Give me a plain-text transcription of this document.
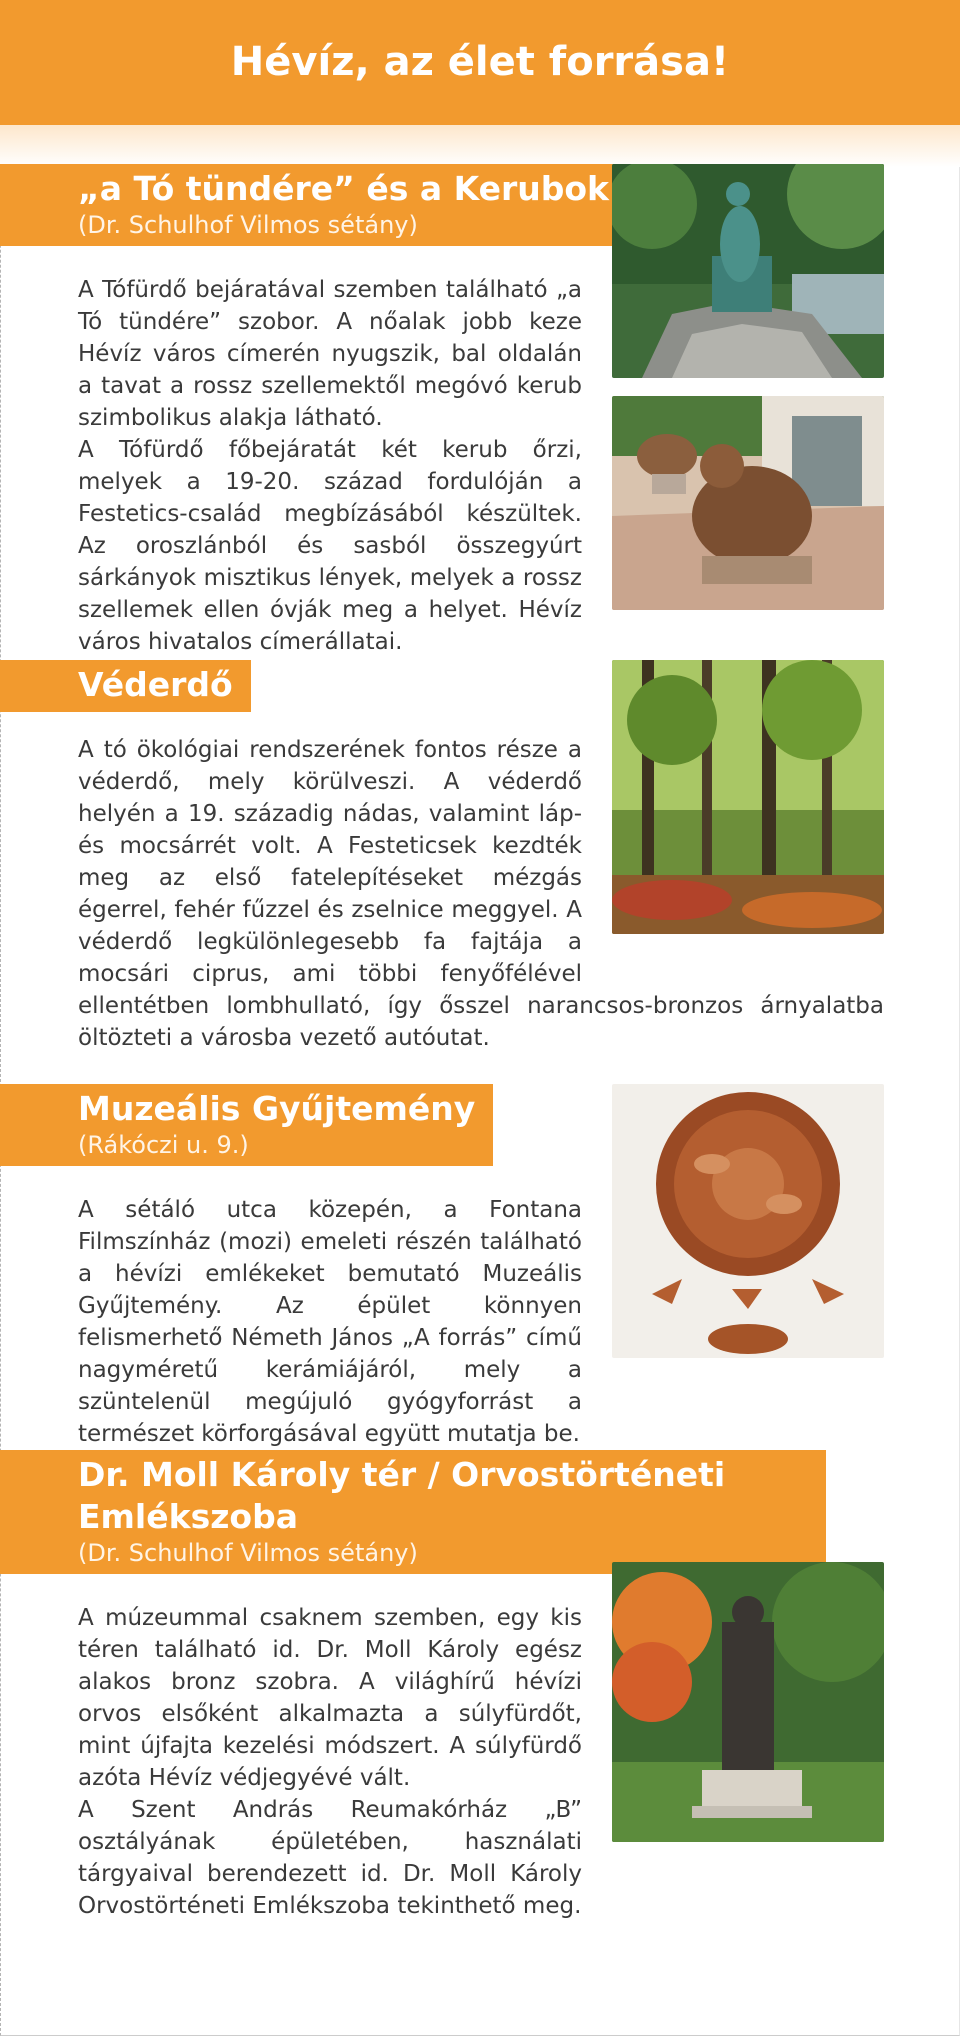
Hévíz, az élet forrása!
„a Tó tündére” és a Kerubok
(Dr. Schulhof Vilmos sétány)

A Tófürdő bejáratával szemben található „a Tó tündére” szobor. A nőalak jobb keze Hévíz város címerén nyugszik, bal oldalán a tavat a rossz szellemektől megóvó kerub szimbolikus alakja látható.

A Tófürdő főbejáratát két kerub őrzi, melyek a 19-20. század fordulóján a Festetics-család megbízásából készültek. Az oroszlánból és sasból összegyúrt sárkányok misztikus lények, melyek a rossz szellemek ellen óvják meg a helyet. Hévíz város hivatalos címerállatai.

Véderdő

A tó ökológiai rendszerének fontos része a véderdő, mely körülveszi. A véderdő helyén a 19. századig nádas, valamint láp- és mocsárrét volt. A Festeticsek kezdték meg az első fatelepítéseket mézgás égerrel, fehér fűzzel és zselnice meggyel. A véderdő legkülönlegesebb fa fajtája a mocsári ciprus, ami többi fenyőfélével ellentétben lombhullató, így ősszel narancsos-bronzos árnyalatba öltözteti a városba vezető autóutat.

Muzeális Gyűjtemény
(Rákóczi u. 9.)

A sétáló utca közepén, a Fontana Filmszínház (mozi) emeleti részén található a hévízi emlékeket bemutató Muzeális Gyűjtemény. Az épület könnyen felismerhető Németh János „A forrás” című nagyméretű kerámiájáról, mely a szüntelenül megújuló gyógyforrást a természet körforgásával együtt mutatja be.

Dr. Moll Károly tér / Orvostörténeti Emlékszoba
(Dr. Schulhof Vilmos sétány)

A múzeummal csaknem szemben, egy kis téren található id. Dr. Moll Károly egész alakos bronz szobra. A világhírű hévízi orvos elsőként alkalmazta a súlyfürdőt, mint újfajta kezelési módszert. A súlyfürdő azóta Hévíz védjegyévé vált.

A Szent András Reumakórház „B” osztályának épületében, használati tárgyaival berendezett id. Dr. Moll Károly Orvostörténeti Emlékszoba tekinthető meg.
